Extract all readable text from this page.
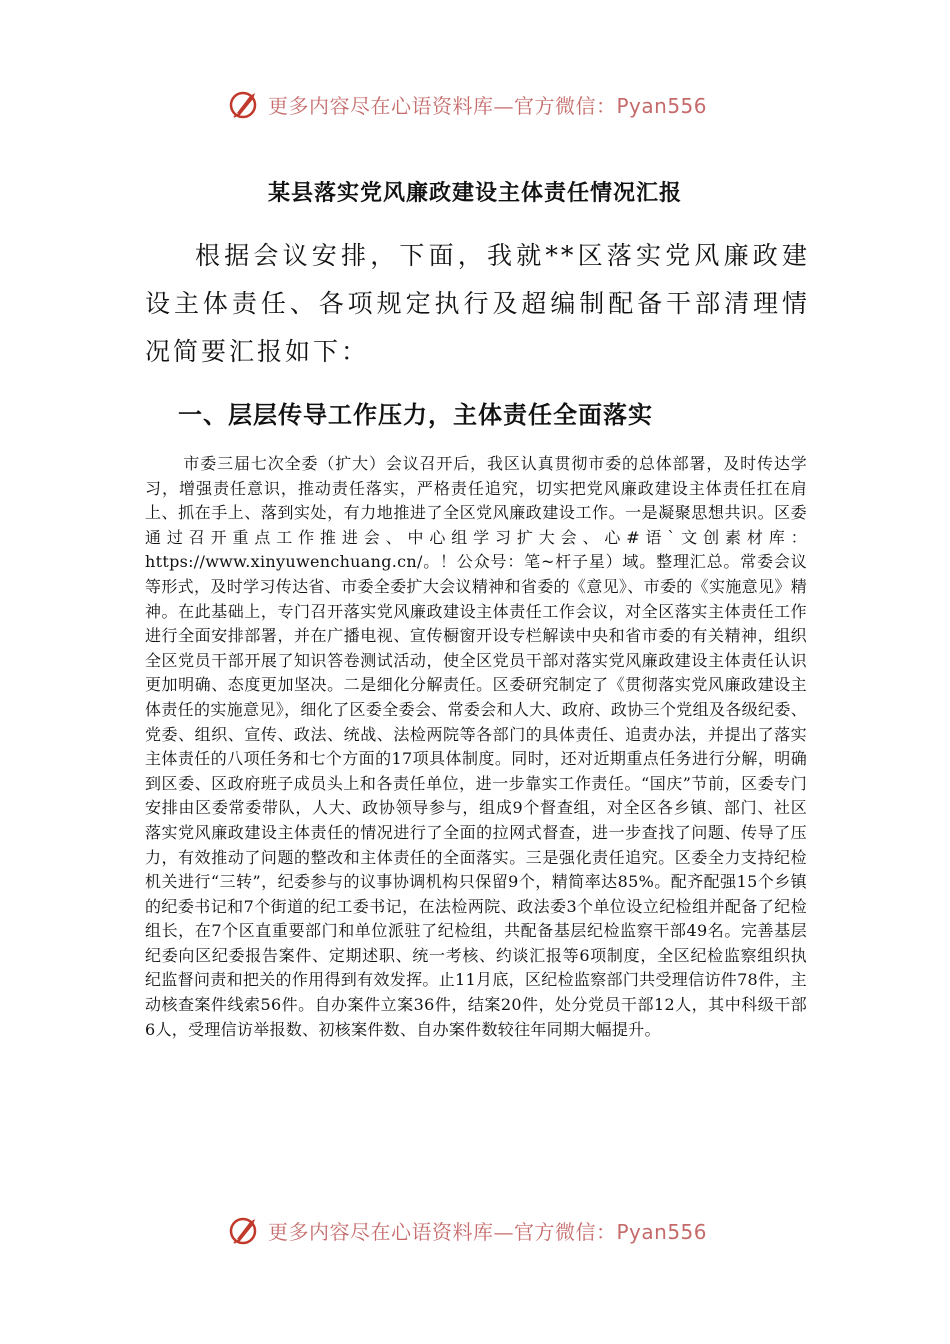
更多内容尽在心语资料库—官方微信：Pyan556
某县落实党风廉政建设主体责任情况汇报

根据会议安排，下面，我就**区落实党风廉政建设主体责任、各项规定执行及超编制配备干部清理情况简要汇报如下：

一、层层传导工作压力，主体责任全面落实

市委三届七次全委（扩大）会议召开后，我区认真贯彻市委的总体部署，及时传达学习，增强责任意识，推动责任落实，严格责任追究，切实把党风廉政建设主体责任扛在肩上、抓在手上、落到实处，有力地推进了全区党风廉政建设工作。一是凝聚思想共识。区委通过召开重点工作推进会、中心组学习扩大会、心#语`文创素材库：https://www.xinyuwenchuang.cn/。！公众号：笔~杆子星）域。整理汇总。常委会议等形式，及时学习传达省、市委全委扩大会议精神和省委的《意见》、市委的《实施意见》精神。在此基础上，专门召开落实党风廉政建设主体责任工作会议，对全区落实主体责任工作进行全面安排部署，并在广播电视、宣传橱窗开设专栏解读中央和省市委的有关精神，组织全区党员干部开展了知识答卷测试活动，使全区党员干部对落实党风廉政建设主体责任认识更加明确、态度更加坚决。二是细化分解责任。区委研究制定了《贯彻落实党风廉政建设主体责任的实施意见》，细化了区委全委会、常委会和人大、政府、政协三个党组及各级纪委、党委、组织、宣传、政法、统战、法检两院等各部门的具体责任、追责办法，并提出了落实主体责任的八项任务和七个方面的17项具体制度。同时，还对近期重点任务进行分解，明确到区委、区政府班子成员头上和各责任单位，进一步靠实工作责任。“国庆”节前，区委专门安排由区委常委带队，人大、政协领导参与，组成9个督查组，对全区各乡镇、部门、社区落实党风廉政建设主体责任的情况进行了全面的拉网式督查，进一步查找了问题、传导了压力，有效推动了问题的整改和主体责任的全面落实。三是强化责任追究。区委全力支持纪检机关进行“三转”，纪委参与的议事协调机构只保留9个，精简率达85%。配齐配强15个乡镇的纪委书记和7个街道的纪工委书记，在法检两院、政法委3个单位设立纪检组并配备了纪检组长，在7个区直重要部门和单位派驻了纪检组，共配备基层纪检监察干部49名。完善基层纪委向区纪委报告案件、定期述职、统一考核、约谈汇报等6项制度，全区纪检监察组织执纪监督问责和把关的作用得到有效发挥。止11月底，区纪检监察部门共受理信访件78件，主动核查案件线索56件。自办案件立案36件，结案20件，处分党员干部12人，其中科级干部6人，受理信访举报数、初核案件数、自办案件数较往年同期大幅提升。

更多内容尽在心语资料库—官方微信：Pyan556
